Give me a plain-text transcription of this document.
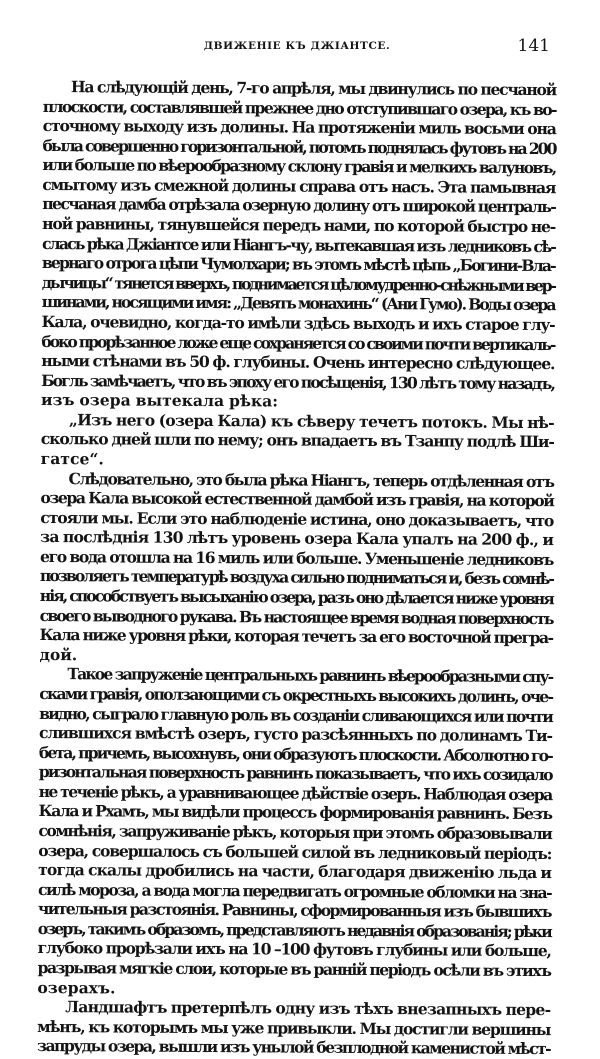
ДВИЖЕНІЕ КЪ ДЖІАНТСЕ.	141
На слѣдующій день, 7-го апрѣля, мы двинулись по песчаной
плоскости, составлявшей прежнее дно отступившаго озера, къ во-
сточному выходу изъ долины. На протяженіи миль восьми она
была совершенно горизонтальной, потомъ поднялась футовъ на 200
или больше по вѣерообразному склону гравія и мелкихъ валуновъ,
смытому изъ смежной долины справа отъ насъ. Эта памывная
песчаная дамба отрѣзала озерную долину отъ широкой централь-
ной равнины, тянувшейся передъ нами, по которой быстро не-
слась рѣка Джіантсе или Ніангъ-чу, вытекавшая изъ ледниковъ сѣ-
вернаго отрога цѣпи Чумолхари; въ этомъ мѣстѣ цѣпь „Богини-Вла-
дычицы“ тянется вверхъ, поднимается цѣломудренно-снѣжными вер-
шинами, носящими имя: „Девять монахинь“ (Ани Гумо). Воды озера
Кала, очевидно, когда-то имѣли здѣсь выходъ и ихъ старое глу-
боко прорѣзанное ложе еще сохраняется со своими почти вертикаль-
ными стѣнами въ 50 ф. глубины. Очень интересно слѣдующее.
Богль замѣчаетъ, что въ эпоху его посѣщенія, 130 лѣтъ тому назадъ,
изъ озера вытекала рѣка:
„Изъ него (озера Кала) къ сѣверу течетъ потокъ. Мы нѣ-
сколько дней шли по нему; онъ впадаетъ въ Тзанпу подлѣ Ши-
гатсе“.
Слѣдовательно, это была рѣка Ніангъ, теперь отдѣленная отъ
озера Кала высокой естественной дамбой изъ гравія, на которой
стояли мы. Если это наблюденіе истина, оно доказываетъ, что
за послѣднія 130 лѣтъ уровень озера Кала упалъ на 200 ф., и
его вода отошла на 16 миль или больше. Уменьшеніе ледниковъ
позволяетъ температурѣ воздуха сильно подниматься и, безъ сомнѣ-
нія, способствуетъ высыханію озера, разъ оно дѣлается ниже уровня
своего выводного рукава. Въ настоящее время водная поверхность
Кала ниже уровня рѣки, которая течетъ за его восточной прегра-
дой.
Такое запруженіе центральныхъ равнинъ вѣерообразными спу-
сками гравія, оползающими съ окрестныхъ высокихъ долинъ, оче-
видно, сыграло главную роль въ созданіи сливающихся или почти
слившихся вмѣстѣ озеръ, густо разсѣянныхъ по долинамъ Ти-
бета, причемъ, высохнувъ, они образуютъ плоскости. Абсолютно го-
ризонтальная поверхность равнинъ показываетъ, что ихъ созидало
не теченіе рѣкъ, а уравнивающее дѣйствіе озеръ. Наблюдая озера
Кала и Рхамъ, мы видѣли процессъ формированія равнинъ. Безъ
сомнѣнія, запруживаніе рѣкъ, которыя при этомъ образовывали
озера, совершалось съ большей силой въ ледниковый періодъ:
тогда скалы дробились на части, благодаря движенію льда и
силѣ мороза, а вода могла передвигать огромные обломки на зна-
чительныя разстоянія. Равнины, сформированныя изъ бывшихъ
озеръ, такимъ образомъ, представляютъ недавнія образованія; рѣки
глубоко прорѣзали ихъ на 10 –100 футовъ глубины или больше,
разрывая мягкіе слои, которые въ ранній періодъ осѣли въ этихъ
озерахъ.
Ландшафтъ претерпѣлъ одну изъ тѣхъ внезапныхъ пере-
мѣнъ, къ которымъ мы уже привыкли. Мы достигли вершины
запруды озера, вышли изъ унылой безплодной каменистой мѣст-
